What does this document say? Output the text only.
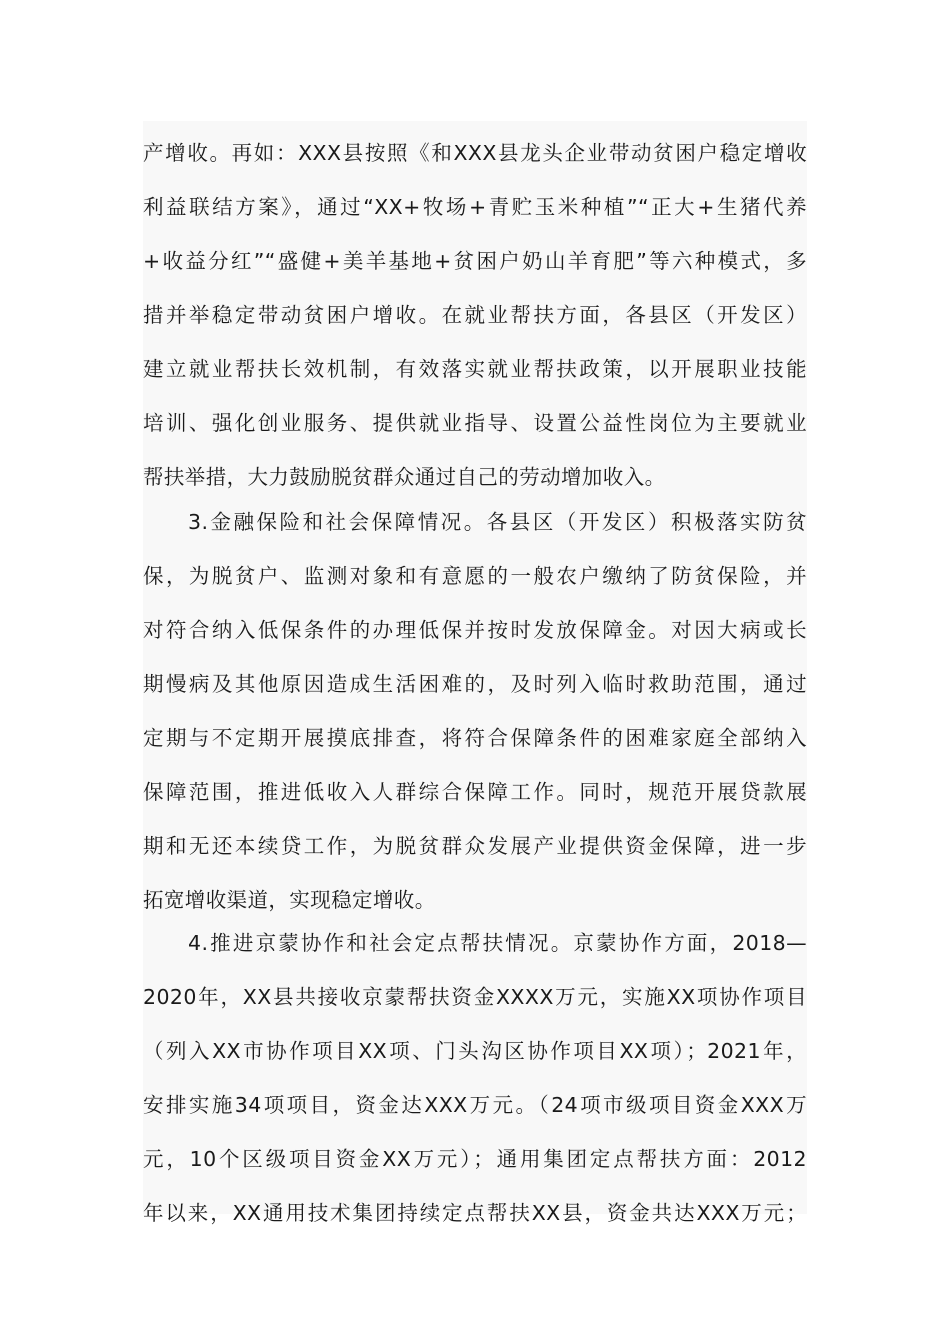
产增收。再如：XXX县按照《和XXX县龙头企业带动贫困户稳定增收
利益联结方案》，通过“XX+牧场+青贮玉米种植”“正大+生猪代养
+收益分红”“盛健+美羊基地+贫困户奶山羊育肥”等六种模式，多
措并举稳定带动贫困户增收。在就业帮扶方面，各县区（开发区）
建立就业帮扶长效机制，有效落实就业帮扶政策，以开展职业技能
培训、强化创业服务、提供就业指导、设置公益性岗位为主要就业
帮扶举措，大力鼓励脱贫群众通过自己的劳动增加收入。
3.金融保险和社会保障情况。各县区（开发区）积极落实防贫
保，为脱贫户、监测对象和有意愿的一般农户缴纳了防贫保险，并
对符合纳入低保条件的办理低保并按时发放保障金。对因大病或长
期慢病及其他原因造成生活困难的，及时列入临时救助范围，通过
定期与不定期开展摸底排查，将符合保障条件的困难家庭全部纳入
保障范围，推进低收入人群综合保障工作。同时，规范开展贷款展
期和无还本续贷工作，为脱贫群众发展产业提供资金保障，进一步
拓宽增收渠道，实现稳定增收。
4.推进京蒙协作和社会定点帮扶情况。京蒙协作方面，2018—
2020年，XX县共接收京蒙帮扶资金XXXX万元，实施XX项协作项目
（列入XX市协作项目XX项、门头沟区协作项目XX项）；2021年，
安排实施34项项目，资金达XXX万元。（24项市级项目资金XXX万
元，10个区级项目资金XX万元）；通用集团定点帮扶方面：2012
年以来，XX通用技术集团持续定点帮扶XX县，资金共达XXX万元；
